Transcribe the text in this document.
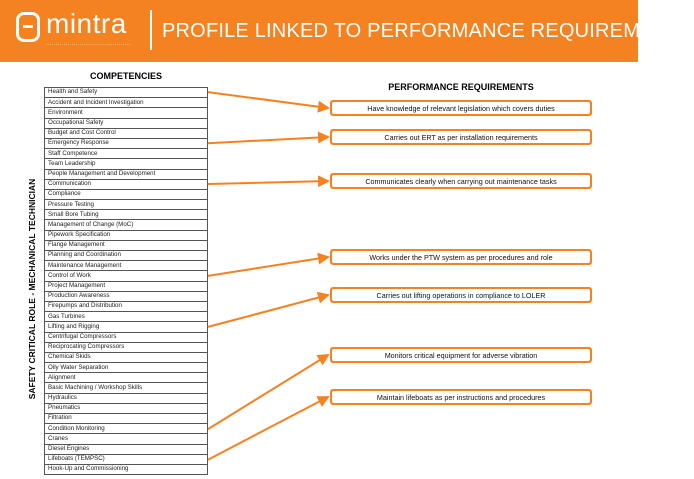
mintra
...........................................
PROFILE LINKED TO PERFORMANCE REQUIREMENTS
COMPETENCIES
PERFORMANCE REQUIREMENTS
SAFETY CRITICAL ROLE - MECHANICAL TECHNICIAN
Health and Safety
Accident and Incident Investigation
Environment
Occupational Safety
Budget and Cost Control
Emergency Response
Staff Competence
Team Leadership
People Management and Development
Communication
Compliance
Pressure Testing
Small Bore Tubing
Management of Change (MoC)
Pipework Specification
Flange Management
Planning and Coordination
Maintenance Management
Control of Work
Project Management
Production Awareness
Firepumps and Distribution
Gas Turbines
Lifting and Rigging
Centrifugal Compressors
Reciprocating Compressors
Chemical Skids
Oily Water Separation
Alignment
Basic Machining / Workshop Skills
Hydraulics
Pneumatics
Filtration
Condition Monitoring
Cranes
Diesel Engines
Lifeboats (TEMPSC)
Hook-Up and Commissioning
Have knowledge of relevant legislation which covers duties
Carries out ERT as per installation requirements
Communicates clearly when carrying out maintenance tasks
Works under the PTW system as per procedures and role
Carries out lifting operations in compliance to LOLER
Monitors critical equipment for adverse vibration
Maintain lifeboats as per instructions and procedures
